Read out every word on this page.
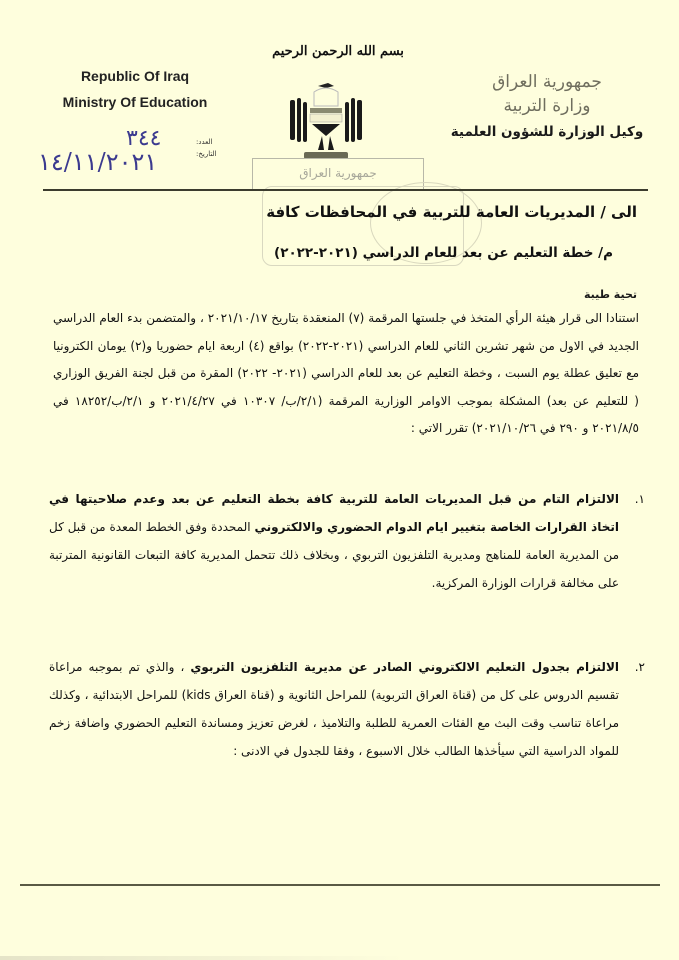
Republic Of Iraq
Ministry Of Education
العدد:
التاريخ:
٣٤٤
١٤/١١/٢٠٢١
بسم الله الرحمن الرحيم
جمهورية العراق
جمهورية العراق
وزارة التربية
وكيل الوزارة للشؤون العلمية
الى / المديريات العامة للتربية في المحافظات كافة
م/ خطة التعليم عن بعد للعام الدراسي (٢٠٢١-٢٠٢٢)
تحية طيبة
استنادا الى قرار هيئة الرأي المتخذ في جلستها المرقمة (٧) المنعقدة بتاريخ ٢٠٢١/١٠/١٧ ، والمتضمن بدء العام الدراسي الجديد في الاول من شهر تشرين الثاني للعام الدراسي (٢٠٢١-٢٠٢٢) بواقع (٤) اربعة ايام حضوريا و(٢) يومان الكترونيا مع تعليق عطلة يوم السبت ، وخطة التعليم عن بعد للعام الدراسي (٢٠٢١- ٢٠٢٢) المقرة من قبل لجنة الفريق الوزاري ( للتعليم عن بعد) المشكلة بموجب الاوامر الوزارية المرقمة (٢/١/ب/ ١٠٣٠٧ في ٢٠٢١/٤/٢٧ و ٢/١/ب/١٨٢٥٢ في ٢٠٢١/٨/٥ و ٢٩٠ في ٢٠٢١/١٠/٢٦) تقرر الاتي :
١.
الالتزام التام من قبل المديريات العامة للتربية كافة بخطة التعليم عن بعد وعدم صلاحيتها في اتخاذ القرارات الخاصة بتغيير ايام الدوام الحضوري والالكتروني المحددة وفق الخطط المعدة من قبل كل من المديرية العامة للمناهج ومديرية التلفزيون التربوي ، وبخلاف ذلك تتحمل المديرية كافة التبعات القانونية المترتبة على مخالفة قرارات الوزارة المركزية.
٢.
الالتزام بجدول التعليم الالكتروني الصادر عن مديرية التلفزيون التربوي ، والذي تم بموجبه مراعاة تقسيم الدروس على كل من (قناة العراق التربوية) للمراحل الثانوية و (قناة العراق kids) للمراحل الابتدائية ، وكذلك مراعاة تناسب وقت البث مع الفئات العمرية للطلبة والتلاميذ ، لغرض تعزيز ومساندة التعليم الحضوري واضافة زخم للمواد الدراسية التي سيأخذها الطالب خلال الاسبوع ، وفقا للجدول في الادنى :
